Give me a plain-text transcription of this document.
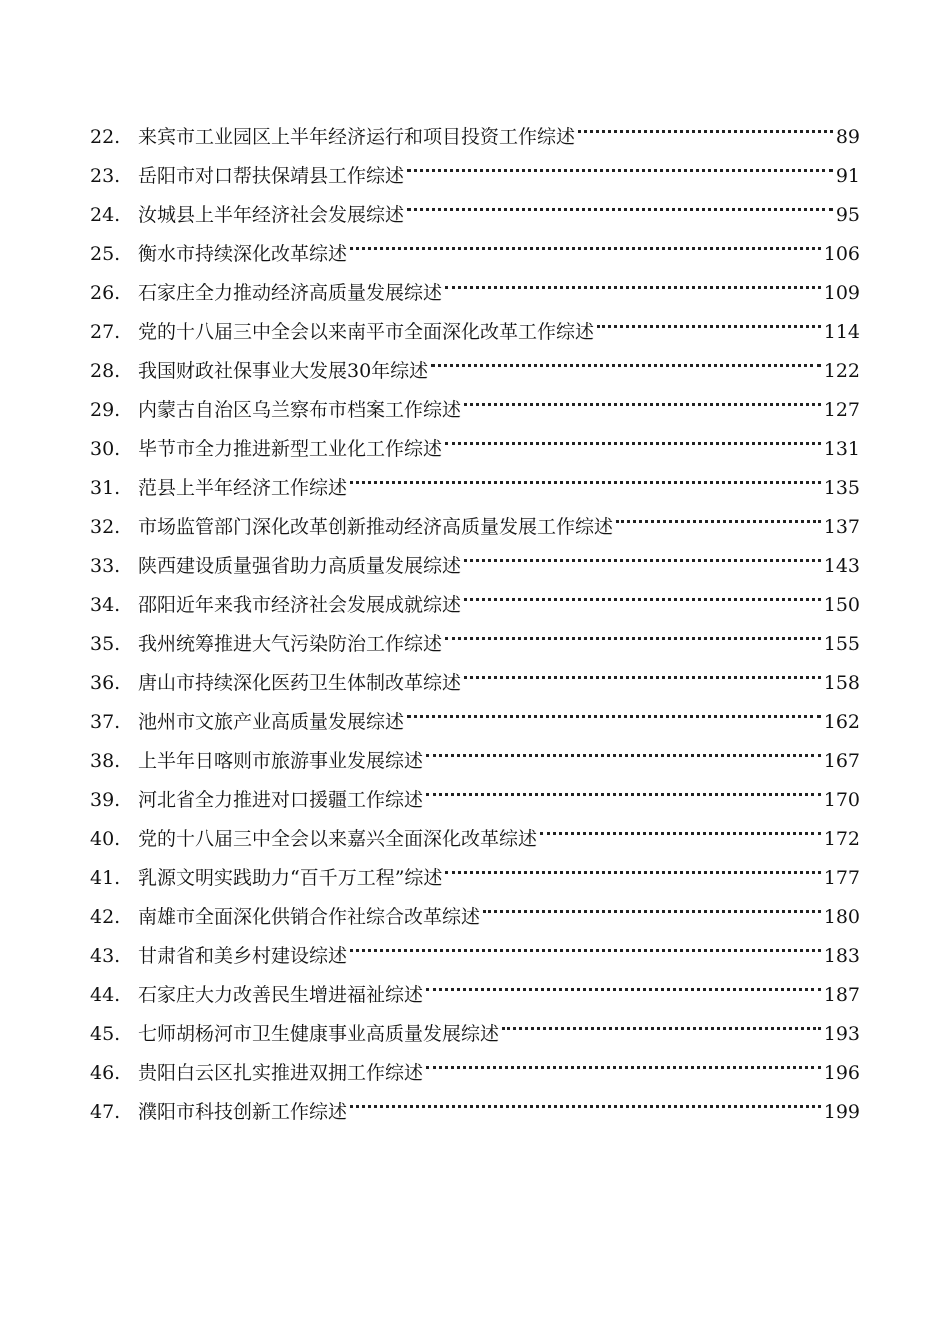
22. 来宾市工业园区上半年经济运行和项目投资工作综述	89
23. 岳阳市对口帮扶保靖县工作综述	91
24. 汝城县上半年经济社会发展综述	95
25. 衡水市持续深化改革综述	106
26. 石家庄全力推动经济高质量发展综述	109
27. 党的十八届三中全会以来南平市全面深化改革工作综述	114
28. 我国财政社保事业大发展30年综述	122
29. 内蒙古自治区乌兰察布市档案工作综述	127
30. 毕节市全力推进新型工业化工作综述	131
31. 范县上半年经济工作综述	135
32. 市场监管部门深化改革创新推动经济高质量发展工作综述	137
33. 陕西建设质量强省助力高质量发展综述	143
34. 邵阳近年来我市经济社会发展成就综述	150
35. 我州统筹推进大气污染防治工作综述	155
36. 唐山市持续深化医药卫生体制改革综述	158
37. 池州市文旅产业高质量发展综述	162
38. 上半年日喀则市旅游事业发展综述	167
39. 河北省全力推进对口援疆工作综述	170
40. 党的十八届三中全会以来嘉兴全面深化改革综述	172
41. 乳源文明实践助力“百千万工程”综述	177
42. 南雄市全面深化供销合作社综合改革综述	180
43. 甘肃省和美乡村建设综述	183
44. 石家庄大力改善民生增进福祉综述	187
45. 七师胡杨河市卫生健康事业高质量发展综述	193
46. 贵阳白云区扎实推进双拥工作综述	196
47. 濮阳市科技创新工作综述	199
